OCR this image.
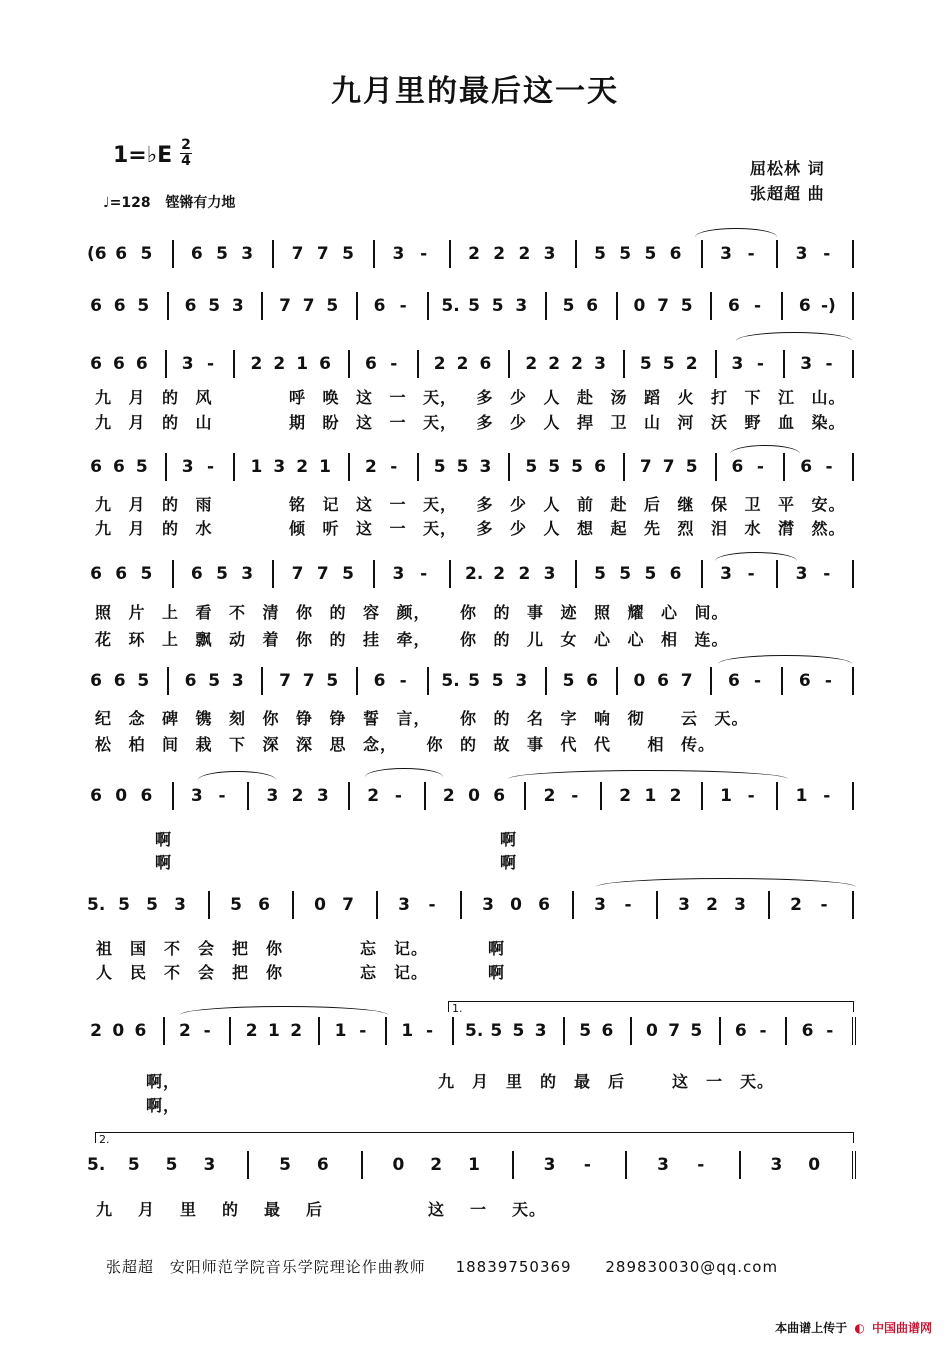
九月里的最后这一天
1=♭E 2
4
♩=128 铿锵有力地
屈松林 词
张超超 曲
(6 6 5 6 5 3 7 7 5 3 -	2 2 2 3 5 5 5 6 3 -	3 -
6 6 5 6 5 3 7 7 5 6 -	5. 5 5 3 5 6 0 7 5 6 -	6 -)
6 6 6 3 -	2 2 1 6 6 -	2 2 6 2 2 2 3 5 5 2 3 -	3 -
6 6 5 3 -	1 3 2 1 2 -	5 5 3 5 5 5 6 7 7 5 6 -	6 -
6 6 5 6 5 3 7 7 5 3 -	2. 2 2 3 5 5 5 6 3 -	3 -
6 6 5 6 5 3 7 7 5 6 -	5. 5 5 3 5 6 0 6 7 6 -	6 -
6 0 6 3 -	3 2 3 2 -	2 0 6 2 -	2 1 2 1 -	1 -
5. 5 5 3	5 6	0 7	3	-	3 0 6	3	-	3 2 3	2	-
2 0 6 2 -	2 1 2 1 -	1 -	5. 5 5 3 5 6 0 7 5 6 -	6 -
5. 5 5 3	5 6	0 2 1	3	-	3	-	3 0
九 月 的 风	呼 唤 这 一 天， 多 少 人 赴 汤 蹈 火 打 下 江 山。
九 月 的 山	期 盼 这 一 天， 多 少 人 捍 卫 山 河 沃 野 血 染。
九 月 的 雨	铭 记 这 一 天， 多 少 人 前 赴 后 继 保 卫 平 安。
九 月 的 水	倾 听 这 一 天， 多 少 人 想 起 先 烈 泪 水 潸 然。
照 片 上 看 不 清 你 的 容 颜， 你 的 事 迹 照 耀 心 间。
花 环 上 飘 动 着 你 的 挂 牵， 你 的 儿 女 心 心 相 连。
纪 念 碑 镌 刻 你 铮 铮 誓 言， 你 的 名 字 响 彻 云 天。
松 柏 间 栽 下 深 深 思 念， 你 的 故 事 代 代 相 传。
啊	啊
啊	啊
祖 国 不 会 把 你	忘 记。	啊
人 民 不 会 把 你	忘 记。	啊
啊，	九 月 里 的 最 后	这 一 天。
啊，
九 月 里 的 最 后	这 一 天。
1.
2.
张超超 安阳师范学院音乐学院理论作曲教师 18839750369 289830030@qq.com
本曲谱上传于 ◐ 中国曲谱网
